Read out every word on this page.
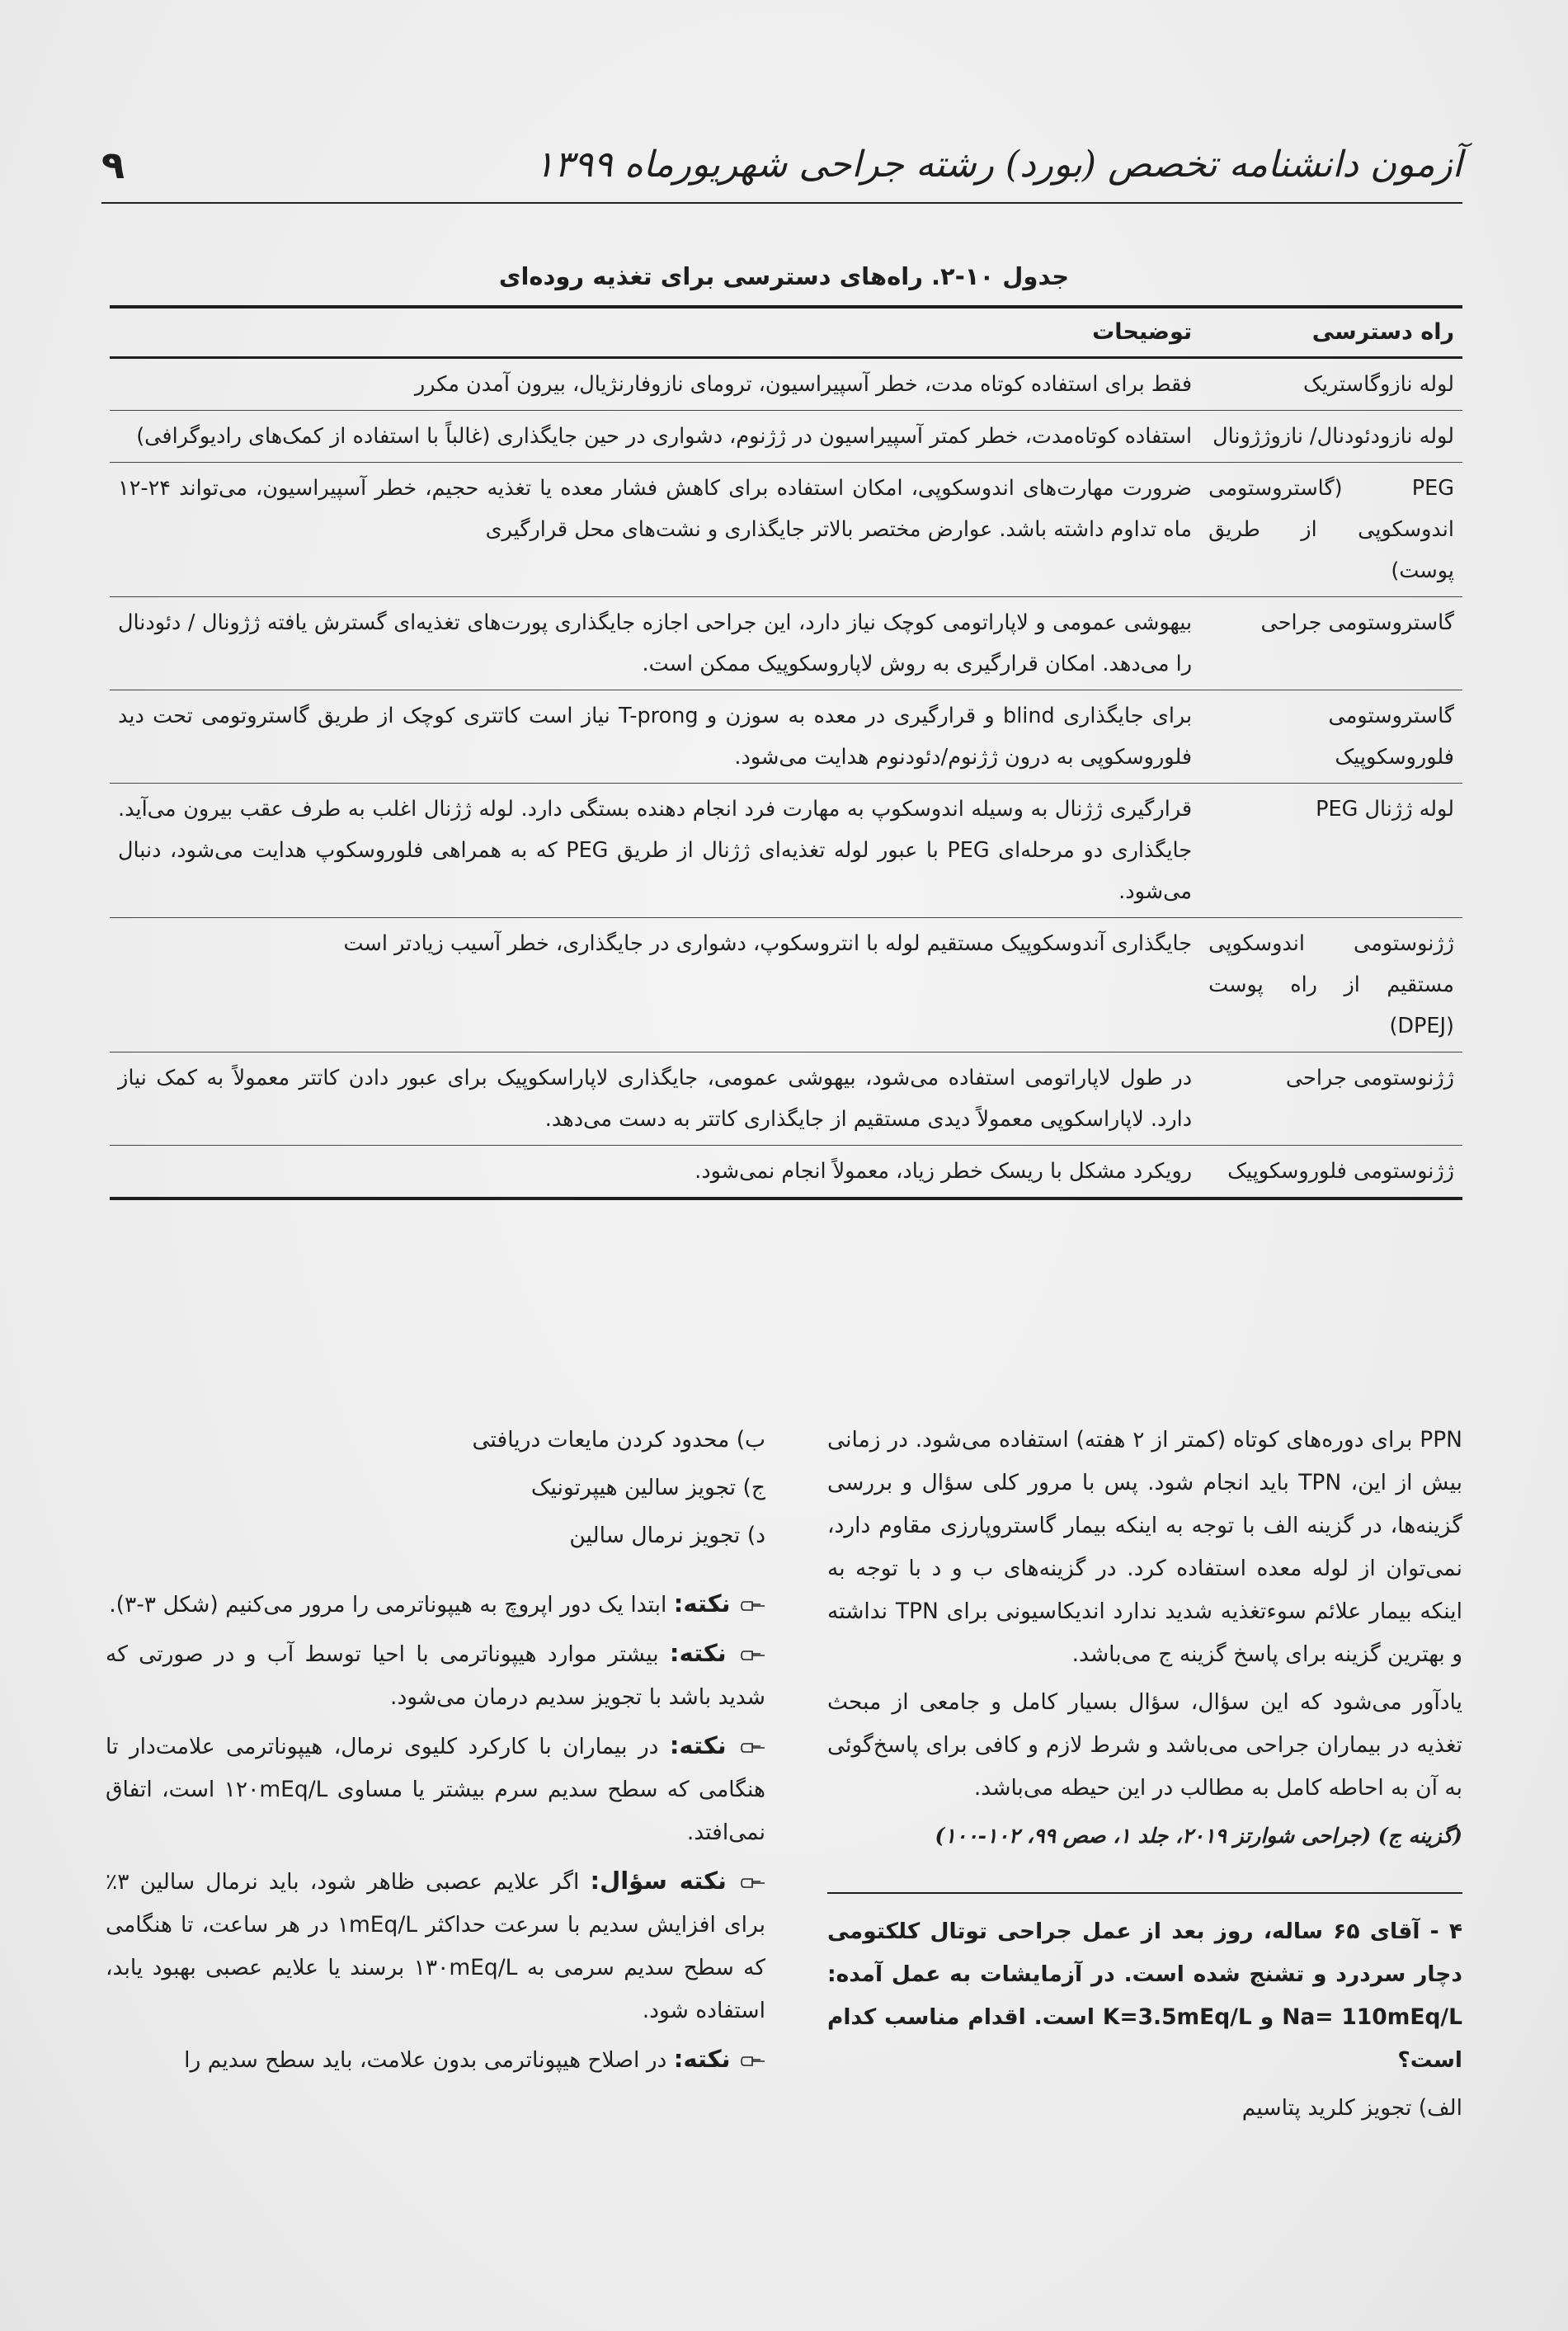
آزمون دانشنامه تخصص (بورد) رشته جراحی شهریورماه ۱۳۹۹
۹
جدول ۱۰-۲. راه‌های دسترسی برای تغذیه روده‌ای
راه دسترسی	توضیحات
لوله نازوگاستریک	فقط برای استفاده کوتاه مدت، خطر آسپیراسیون، ترومای نازوفارنژیال، بیرون آمدن مکرر
لوله نازودئودنال/ نازوژژونال	استفاده کوتاه‌مدت، خطر کمتر آسپیراسیون در ژژنوم، دشواری در حین جایگذاری (غالباً با استفاده از کمک‌های رادیوگرافی)
PEG (گاستروستومی اندوسکوپی از طریق پوست)	ضرورت مهارت‌های اندوسکوپی، امکان استفاده برای کاهش فشار معده یا تغذیه حجیم، خطر آسپیراسیون، می‌تواند ۲۴-۱۲ ماه تداوم داشته باشد. عوارض مختصر بالاتر جایگذاری و نشت‌های محل قرارگیری
گاستروستومی جراحی	بیهوشی عمومی و لاپاراتومی کوچک نیاز دارد، این جراحی اجازه جایگذاری پورت‌های تغذیه‌ای گسترش یافته ژژونال / دئودنال را می‌دهد. امکان قرارگیری به روش لاپاروسکوپیک ممکن است.
گاستروستومی فلوروسکوپیک	برای جایگذاری blind و قرارگیری در معده به سوزن و T-prong نیاز است کاتتری کوچک از طریق گاستروتومی تحت دید فلوروسکوپی به درون ژژنوم/دئودنوم هدایت می‌شود.
لوله ژژنال PEG	قرارگیری ژژنال به وسیله اندوسکوپ به مهارت فرد انجام دهنده بستگی دارد. لوله ژژنال اغلب به طرف عقب بیرون می‌آید. جایگذاری دو مرحله‌ای PEG با عبور لوله تغذیه‌ای ژژنال از طریق PEG که به همراهی فلوروسکوپ هدایت می‌شود، دنبال می‌شود.
ژژنوستومی اندوسکوپی مستقیم از راه پوست (DPEJ)	جایگذاری آندوسکوپیک مستقیم لوله با انتروسکوپ، دشواری در جایگذاری، خطر آسیب زیادتر است
ژژنوستومی جراحی	در طول لاپاراتومی استفاده می‌شود، بیهوشی عمومی، جایگذاری لاپاراسکوپیک برای عبور دادن کاتتر معمولاً به کمک نیاز دارد. لاپاراسکوپی معمولاً دیدی مستقیم از جایگذاری کاتتر به دست می‌دهد.
ژژنوستومی فلوروسکوپیک	رویکرد مشکل با ریسک خطر زیاد، معمولاً انجام نمی‌شود.

PPN برای دوره‌های کوتاه (کمتر از ۲ هفته) استفاده می‌شود. در زمانی بیش از این، TPN باید انجام شود. پس با مرور کلی سؤال و بررسی گزینه‌ها، در گزینه الف با توجه به اینکه بیمار گاستروپارزی مقاوم دارد، نمی‌توان از لوله معده استفاده کرد. در گزینه‌های ب و د با توجه به اینکه بیمار علائم سوءتغذیه شدید ندارد اندیکاسیونی برای TPN نداشته و بهترین گزینه برای پاسخ گزینه ج می‌باشد.

یادآور می‌شود که این سؤال، سؤال بسیار کامل و جامعی از مبحث تغذیه در بیماران جراحی می‌باشد و شرط لازم و کافی برای پاسخ‌گوئی به آن به احاطه کامل به مطالب در این حیطه می‌باشد.

(گزینه ج) (جراحی شوارتز ۲۰۱۹، جلد ۱، صص ۹۹، ۱۰۲-۱۰۰)

۴ - آقای ۶۵ ساله، روز بعد از عمل جراحی توتال کلکتومی دچار سردرد و تشنج شده است. در آزمایشات به عمل آمده: Na= 110mEq/L و K=3.5mEq/L است. اقدام مناسب کدام است؟

الف) تجویز کلرید پتاسیم

ب) محدود کردن مایعات دریافتی

ج) تجویز سالین هیپرتونیک

د) تجویز نرمال سالین

نکته: ابتدا یک دور اپروچ به هیپوناترمی را مرور می‌کنیم (شکل ۳-۳).

نکته: بیشتر موارد هیپوناترمی با احیا توسط آب و در صورتی که شدید باشد با تجویز سدیم درمان می‌شود.

نکته: در بیماران با کارکرد کلیوی نرمال، هیپوناترمی علامت‌دار تا هنگامی که سطح سدیم سرم بیشتر یا مساوی ۱۲۰mEq/L است، اتفاق نمی‌افتد.

نکته سؤال: اگر علایم عصبی ظاهر شود، باید نرمال سالین ۳٪ برای افزایش سدیم با سرعت حداکثر ۱mEq/L در هر ساعت، تا هنگامی که سطح سدیم سرمی به ۱۳۰mEq/L برسند یا علایم عصبی بهبود یابد، استفاده شود.

نکته: در اصلاح هیپوناترمی بدون علامت، باید سطح سدیم را
